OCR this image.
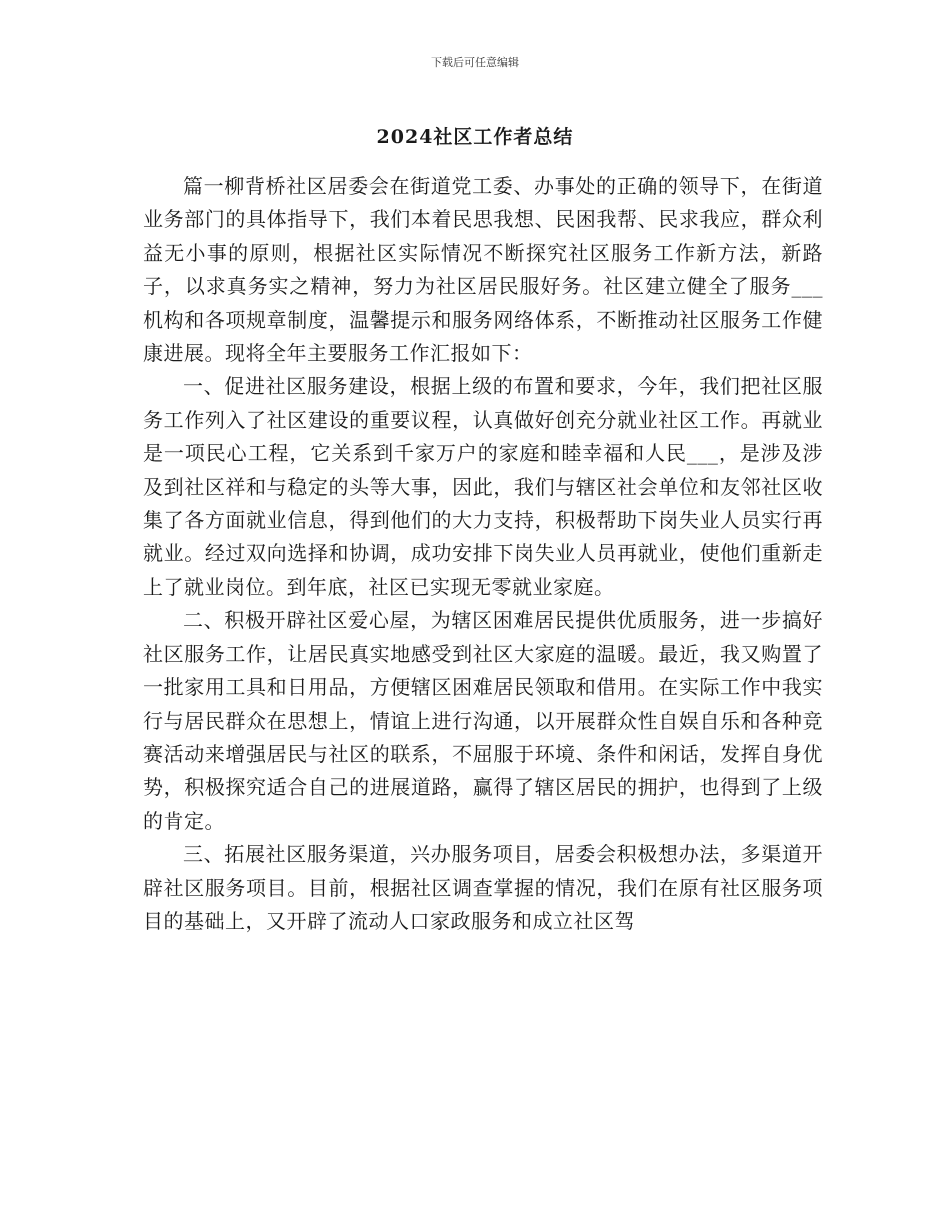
下载后可任意编辑
2024社区工作者总结

篇一柳背桥社区居委会在街道党工委、办事处的正确的领导下，在街道业务部门的具体指导下，我们本着民思我想、民困我帮、民求我应，群众利益无小事的原则，根据社区实际情况不断探究社区服务工作新方法，新路子，以求真务实之精神，努力为社区居民服好务。社区建立健全了服务___机构和各项规章制度，温馨提示和服务网络体系，不断推动社区服务工作健康进展。现将全年主要服务工作汇报如下：

一、促进社区服务建设，根据上级的布置和要求，今年，我们把社区服务工作列入了社区建设的重要议程，认真做好创充分就业社区工作。再就业是一项民心工程，它关系到千家万户的家庭和睦幸福和人民___，是涉及涉及到社区祥和与稳定的头等大事，因此，我们与辖区社会单位和友邻社区收集了各方面就业信息，得到他们的大力支持，积极帮助下岗失业人员实行再就业。经过双向选择和协调，成功安排下岗失业人员再就业，使他们重新走上了就业岗位。到年底，社区已实现无零就业家庭。

二、积极开辟社区爱心屋，为辖区困难居民提供优质服务，进一步搞好社区服务工作，让居民真实地感受到社区大家庭的温暖。最近，我又购置了一批家用工具和日用品，方便辖区困难居民领取和借用。在实际工作中我实行与居民群众在思想上，情谊上进行沟通，以开展群众性自娱自乐和各种竞赛活动来增强居民与社区的联系，不屈服于环境、条件和闲话，发挥自身优势，积极探究适合自己的进展道路，赢得了辖区居民的拥护，也得到了上级的肯定。

三、拓展社区服务渠道，兴办服务项目，居委会积极想办法，多渠道开辟社区服务项目。目前，根据社区调查掌握的情况，我们在原有社区服务项目的基础上，又开辟了流动人口家政服务和成立社区驾
